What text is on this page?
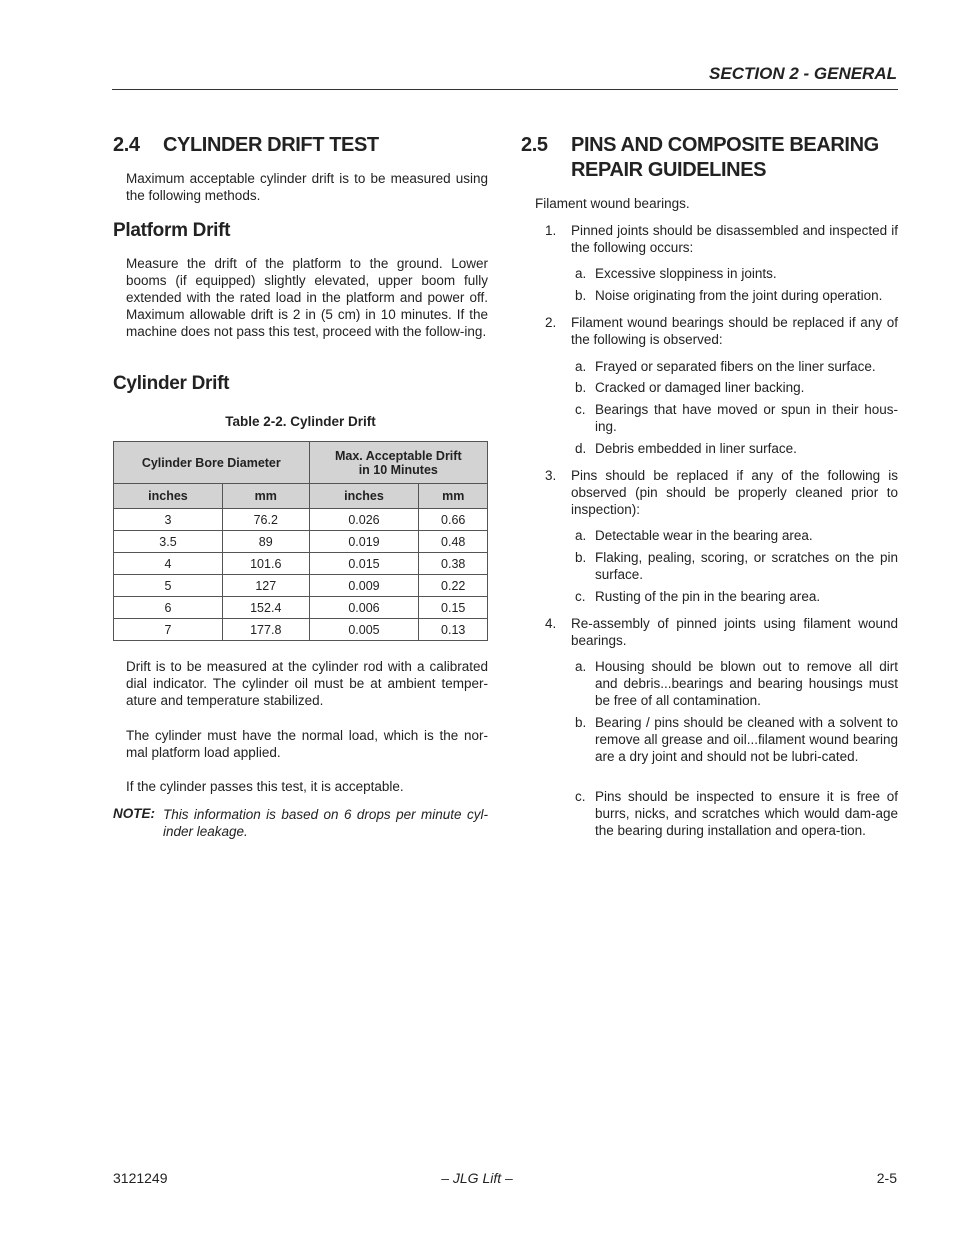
SECTION 2 - GENERAL
2.4 CYLINDER DRIFT TEST

Maximum acceptable cylinder drift is to be measured using the following methods.

Platform Drift

Measure the drift of the platform to the ground. Lower booms (if equipped) slightly elevated, upper boom fully extended with the rated load in the platform and power off. Maximum allowable drift is 2 in (5 cm) in 10 minutes. If the machine does not pass this test, proceed with the follow-ing.

Cylinder Drift
Table 2-2. Cylinder Drift
Cylinder Bore Diameter		Max. Acceptable Drift
in 10 Minutes	
inches	mm	inches	mm
3	76.2	0.026	0.66
3.5	89	0.019	0.48
4	101.6	0.015	0.38
5	127	0.009	0.22
6	152.4	0.006	0.15
7	177.8	0.005	0.13

Drift is to be measured at the cylinder rod with a calibrated dial indicator. The cylinder oil must be at ambient temper-ature and temperature stabilized.

The cylinder must have the normal load, which is the nor-mal platform load applied.

If the cylinder passes this test, it is acceptable.

NOTE: This information is based on 6 drops per minute cyl-inder leakage.
2.5 PINS AND COMPOSITE BEARING
REPAIR GUIDELINES

Filament wound bearings.

1. Pinned joints should be disassembled and inspected if the following occurs:
a. Excessive sloppiness in joints.
b. Noise originating from the joint during operation.
2. Filament wound bearings should be replaced if any of the following is observed:
a. Frayed or separated fibers on the liner surface.
b. Cracked or damaged liner backing.
c. Bearings that have moved or spun in their hous-ing.
d. Debris embedded in liner surface.
3. Pins should be replaced if any of the following is observed (pin should be properly cleaned prior to inspection):
a. Detectable wear in the bearing area.
b. Flaking, pealing, scoring, or scratches on the pin surface.
c. Rusting of the pin in the bearing area.
4. Re-assembly of pinned joints using filament wound bearings.
a. Housing should be blown out to remove all dirt and debris...bearings and bearing housings must be free of all contamination.
b. Bearing / pins should be cleaned with a solvent to remove all grease and oil...filament wound bearing are a dry joint and should not be lubri-cated.
c. Pins should be inspected to ensure it is free of burrs, nicks, and scratches which would dam-age the bearing during installation and opera-tion.
3121249	– JLG Lift –	2-5
